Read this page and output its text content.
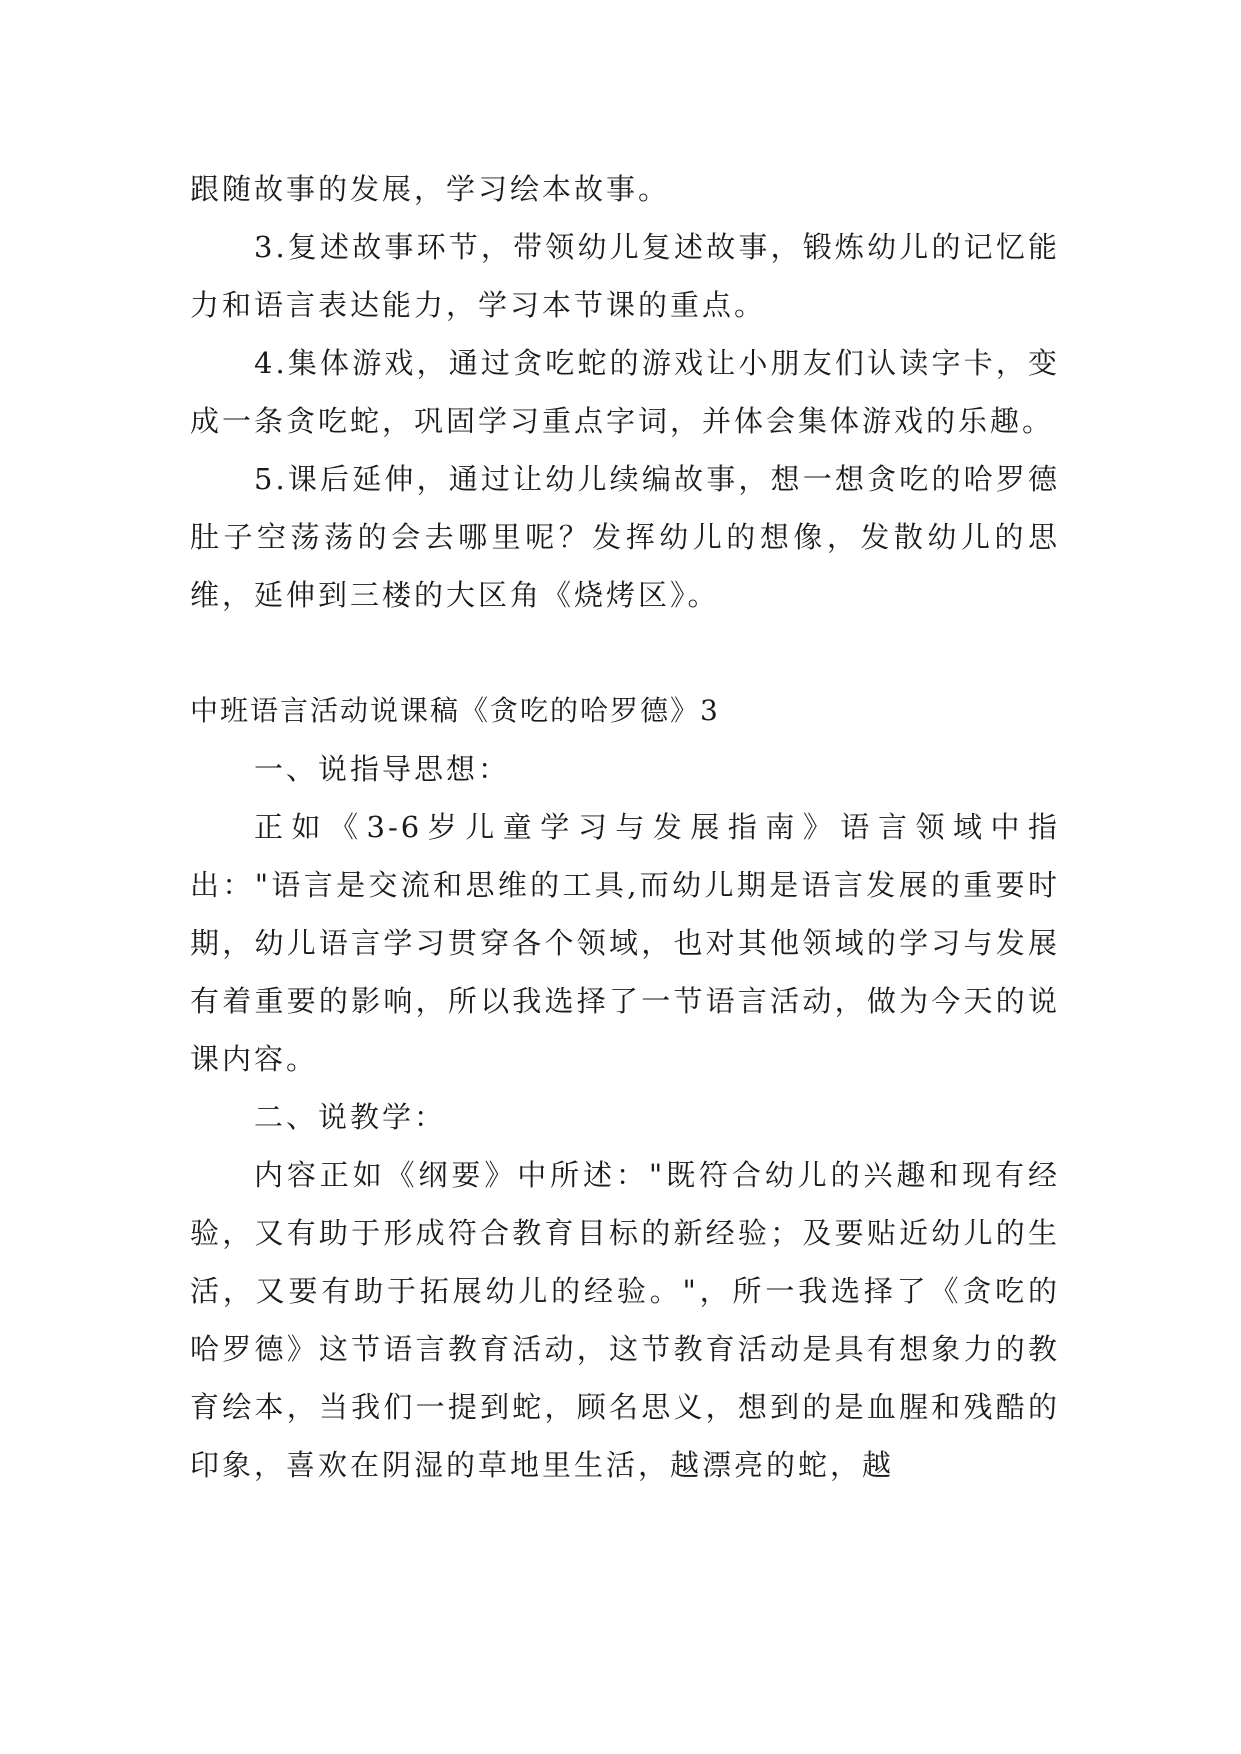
跟随故事的发展，学习绘本故事。

3.复述故事环节，带领幼儿复述故事，锻炼幼儿的记忆能力和语言表达能力，学习本节课的重点。

4.集体游戏，通过贪吃蛇的游戏让小朋友们认读字卡，变成一条贪吃蛇，巩固学习重点字词，并体会集体游戏的乐趣。

5.课后延伸，通过让幼儿续编故事，想一想贪吃的哈罗德肚子空荡荡的会去哪里呢？发挥幼儿的想像，发散幼儿的思维，延伸到三楼的大区角《烧烤区》。

中班语言活动说课稿《贪吃的哈罗德》3

一、说指导思想：

正如《3-6岁儿童学习与发展指南》语言领域中指出："语言是交流和思维的工具,而幼儿期是语言发展的重要时期，幼儿语言学习贯穿各个领域，也对其他领域的学习与发展有着重要的影响，所以我选择了一节语言活动，做为今天的说课内容。

二、说教学：

内容正如《纲要》中所述："既符合幼儿的兴趣和现有经验，又有助于形成符合教育目标的新经验；及要贴近幼儿的生活，又要有助于拓展幼儿的经验。"，所一我选择了《贪吃的哈罗德》这节语言教育活动，这节教育活动是具有想象力的教育绘本，当我们一提到蛇，顾名思义，想到的是血腥和残酷的印象，喜欢在阴湿的草地里生活，越漂亮的蛇，越
